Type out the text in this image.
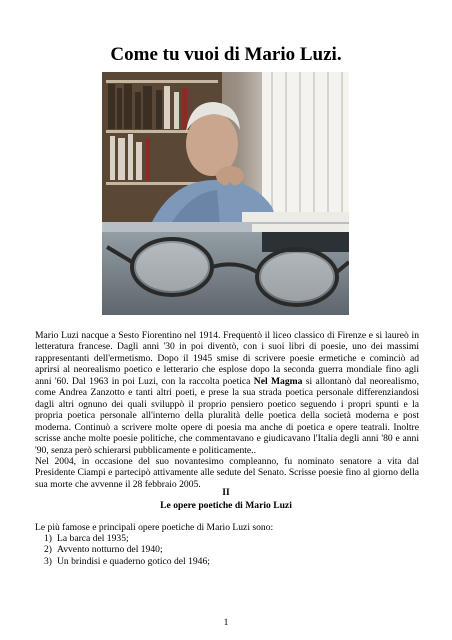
Come tu vuoi di Mario Luzi.

Mario Luzi nacque a Sesto Fiorentino nel 1914. Frequentò il liceo classico di Firenze e si laureò in letteratura francese. Dagli anni '30 in poi diventò, con i suoi libri di poesie, uno dei massimi rappresentanti dell'ermetismo. Dopo il 1945 smise di scrivere poesie ermetiche e cominciò ad aprirsi al neorealismo poetico e letterario che esplose dopo la seconda guerra mondiale fino agli anni '60. Dal 1963 in poi Luzi, con la raccolta poetica Nel Magma si allontanò dal neorealismo, come Andrea Zanzotto e tanti altri poeti, e prese la sua strada poetica personale differenziandosi dagli altri ognuno dei quali sviluppò il proprio pensiero poetico seguendo i propri spunti e la propria poetica personale all'interno della pluralità delle poetica della società moderna e post moderna. Continuò a scrivere molte opere di poesia ma anche di poetica e opere teatrali. Inoltre scrisse anche molte poesie politiche, che commentavano e giudicavano l'Italia degli anni '80 e anni '90, senza però schierarsi pubblicamente e politicamente..

Nel 2004, in occasione del suo novantesimo compleanno, fu nominato senatore a vita dal Presidente Ciampi e partecipò attivamente alle sedute del Senato. Scrisse poesie fino al giorno della sua morte che avvenne il 28 febbraio 2005.

II
Le opere poetiche di Mario Luzi
Le più famose e principali opere poetiche di Mario Luzi sono:
1) La barca del 1935;
2) Avvento notturno del 1940;
3) Un brindisi e quaderno gotico del 1946;
1
